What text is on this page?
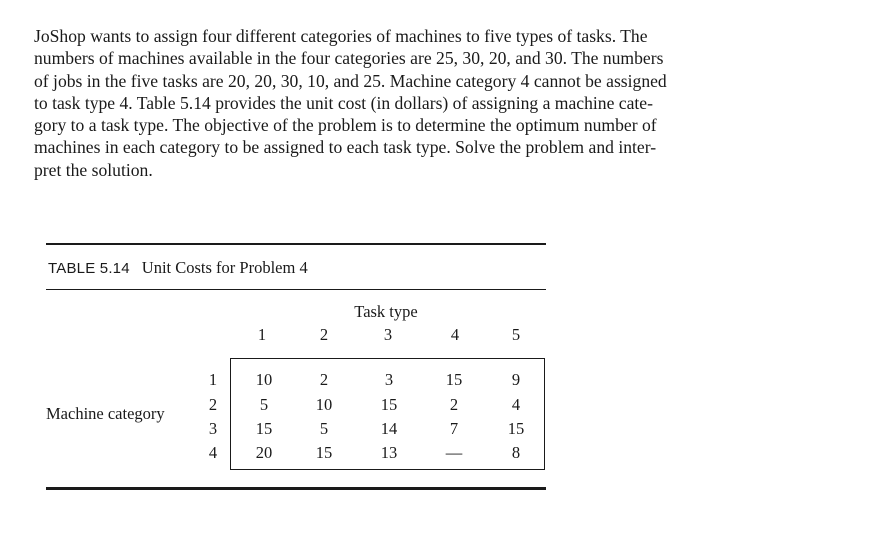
JoShop wants to assign four different categories of machines to five types of tasks. The
numbers of machines available in the four categories are 25, 30, 20, and 30. The numbers
of jobs in the five tasks are 20, 20, 30, 10, and 25. Machine category 4 cannot be assigned
to task type 4. Table 5.14 provides the unit cost (in dollars) of assigning a machine cate-
gory to a task type. The objective of the problem is to determine the optimum number of
machines in each category to be assigned to each task type. Solve the problem and inter-
pret the solution.
TABLE 5.14 Unit Costs for Problem 4
Task type
1	2	3	4	5
Machine category
1	10	2	3	15	9
2	5	10	15	2	4
3	15	5	14	7	15
4	20	15	13	—	8
